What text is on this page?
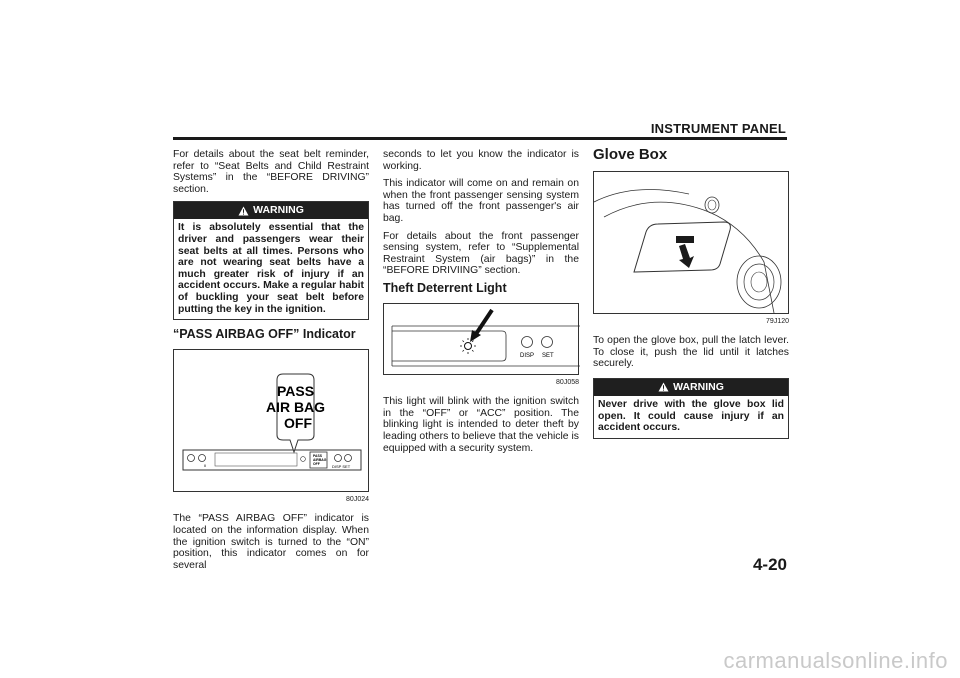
INSTRUMENT PANEL

For details about the seat belt reminder, refer to “Seat Belts and Child Restraint Systems” in the “BEFORE DRIVING” section.

WARNING
It is absolutely essential that the driver and passengers wear their seat belts at all times. Persons who are not wearing seat belts have a much greater risk of injury if an accident occurs. Make a regular habit of buckling your seat belt before putting the key in the ignition.
“PASS AIRBAG OFF” Indicator
II
PASS
AIRBAG
OFF	DISP SET
PASS
AIR BAG
OFF
80J024

The “PASS AIRBAG OFF” indicator is located on the information display. When the ignition switch is turned to the “ON” position, this indicator comes on for several

seconds to let you know the indicator is working.

This indicator will come on and remain on when the front passenger sensing system has turned off the front passenger's air bag.

For details about the front passenger sensing system, refer to “Supplemental Restraint System (air bags)” in the “BEFORE DRIVIING” section.

Theft Deterrent Light
DISP SET
80J058

This light will blink with the ignition switch in the “OFF” or “ACC” position. The blinking light is intended to deter theft by leading others to believe that the vehicle is equipped with a security system.

Glove Box
79J120

To open the glove box, pull the latch lever. To close it, push the lid until it latches securely.

WARNING
Never drive with the glove box lid open. It could cause injury if an accident occurs.
4-20
carmanualsonline.info
